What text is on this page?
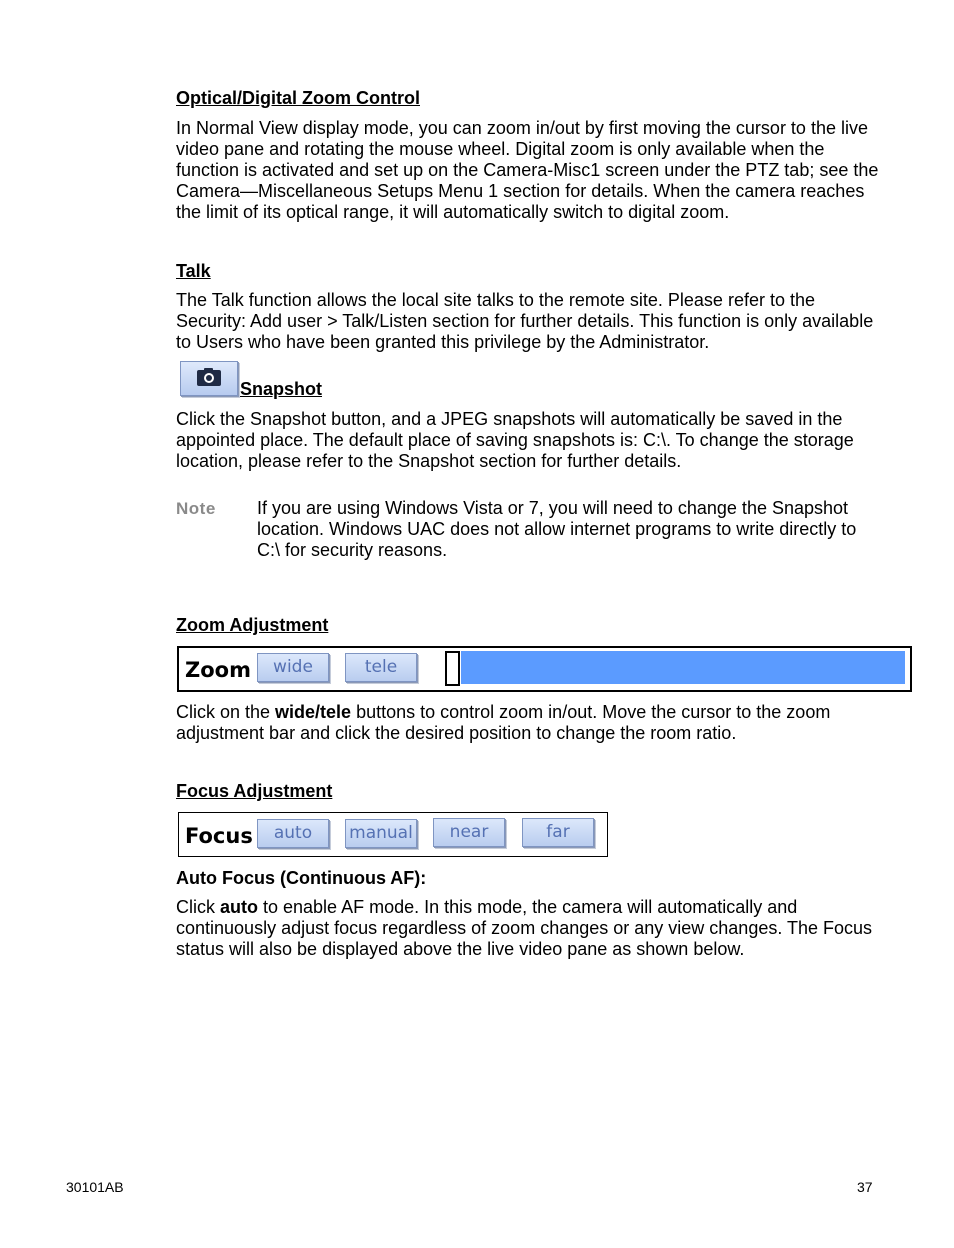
Optical/Digital Zoom Control
In Normal View display mode, you can zoom in/out by first moving the cursor to the live
video pane and rotating the mouse wheel. Digital zoom is only available when the
function is activated and set up on the Camera-Misc1 screen under the PTZ tab; see the
Camera—Miscellaneous Setups Menu 1 section for details. When the camera reaches
the limit of its optical range, it will automatically switch to digital zoom.
Talk
The Talk function allows the local site talks to the remote site. Please refer to the
Security: Add user > Talk/Listen section for further details. This function is only available
to Users who have been granted this privilege by the Administrator.
Snapshot
Click the Snapshot button, and a JPEG snapshots will automatically be saved in the
appointed place. The default place of saving snapshots is: C:\. To change the storage
location, please refer to the Snapshot section for further details.
Note If you are using Windows Vista or 7, you will need to change the Snapshot
location. Windows UAC does not allow internet programs to write directly to
C:\ for security reasons.
Zoom Adjustment
Zoom	wide	tele
Click on the wide/tele buttons to control zoom in/out. Move the cursor to the zoom
adjustment bar and click the desired position to change the room ratio.
Focus Adjustment
Focus	auto	manual	near	far
Auto Focus (Continuous AF):
Click auto to enable AF mode. In this mode, the camera will automatically and
continuously adjust focus regardless of zoom changes or any view changes. The Focus
status will also be displayed above the live video pane as shown below.
30101AB	37
